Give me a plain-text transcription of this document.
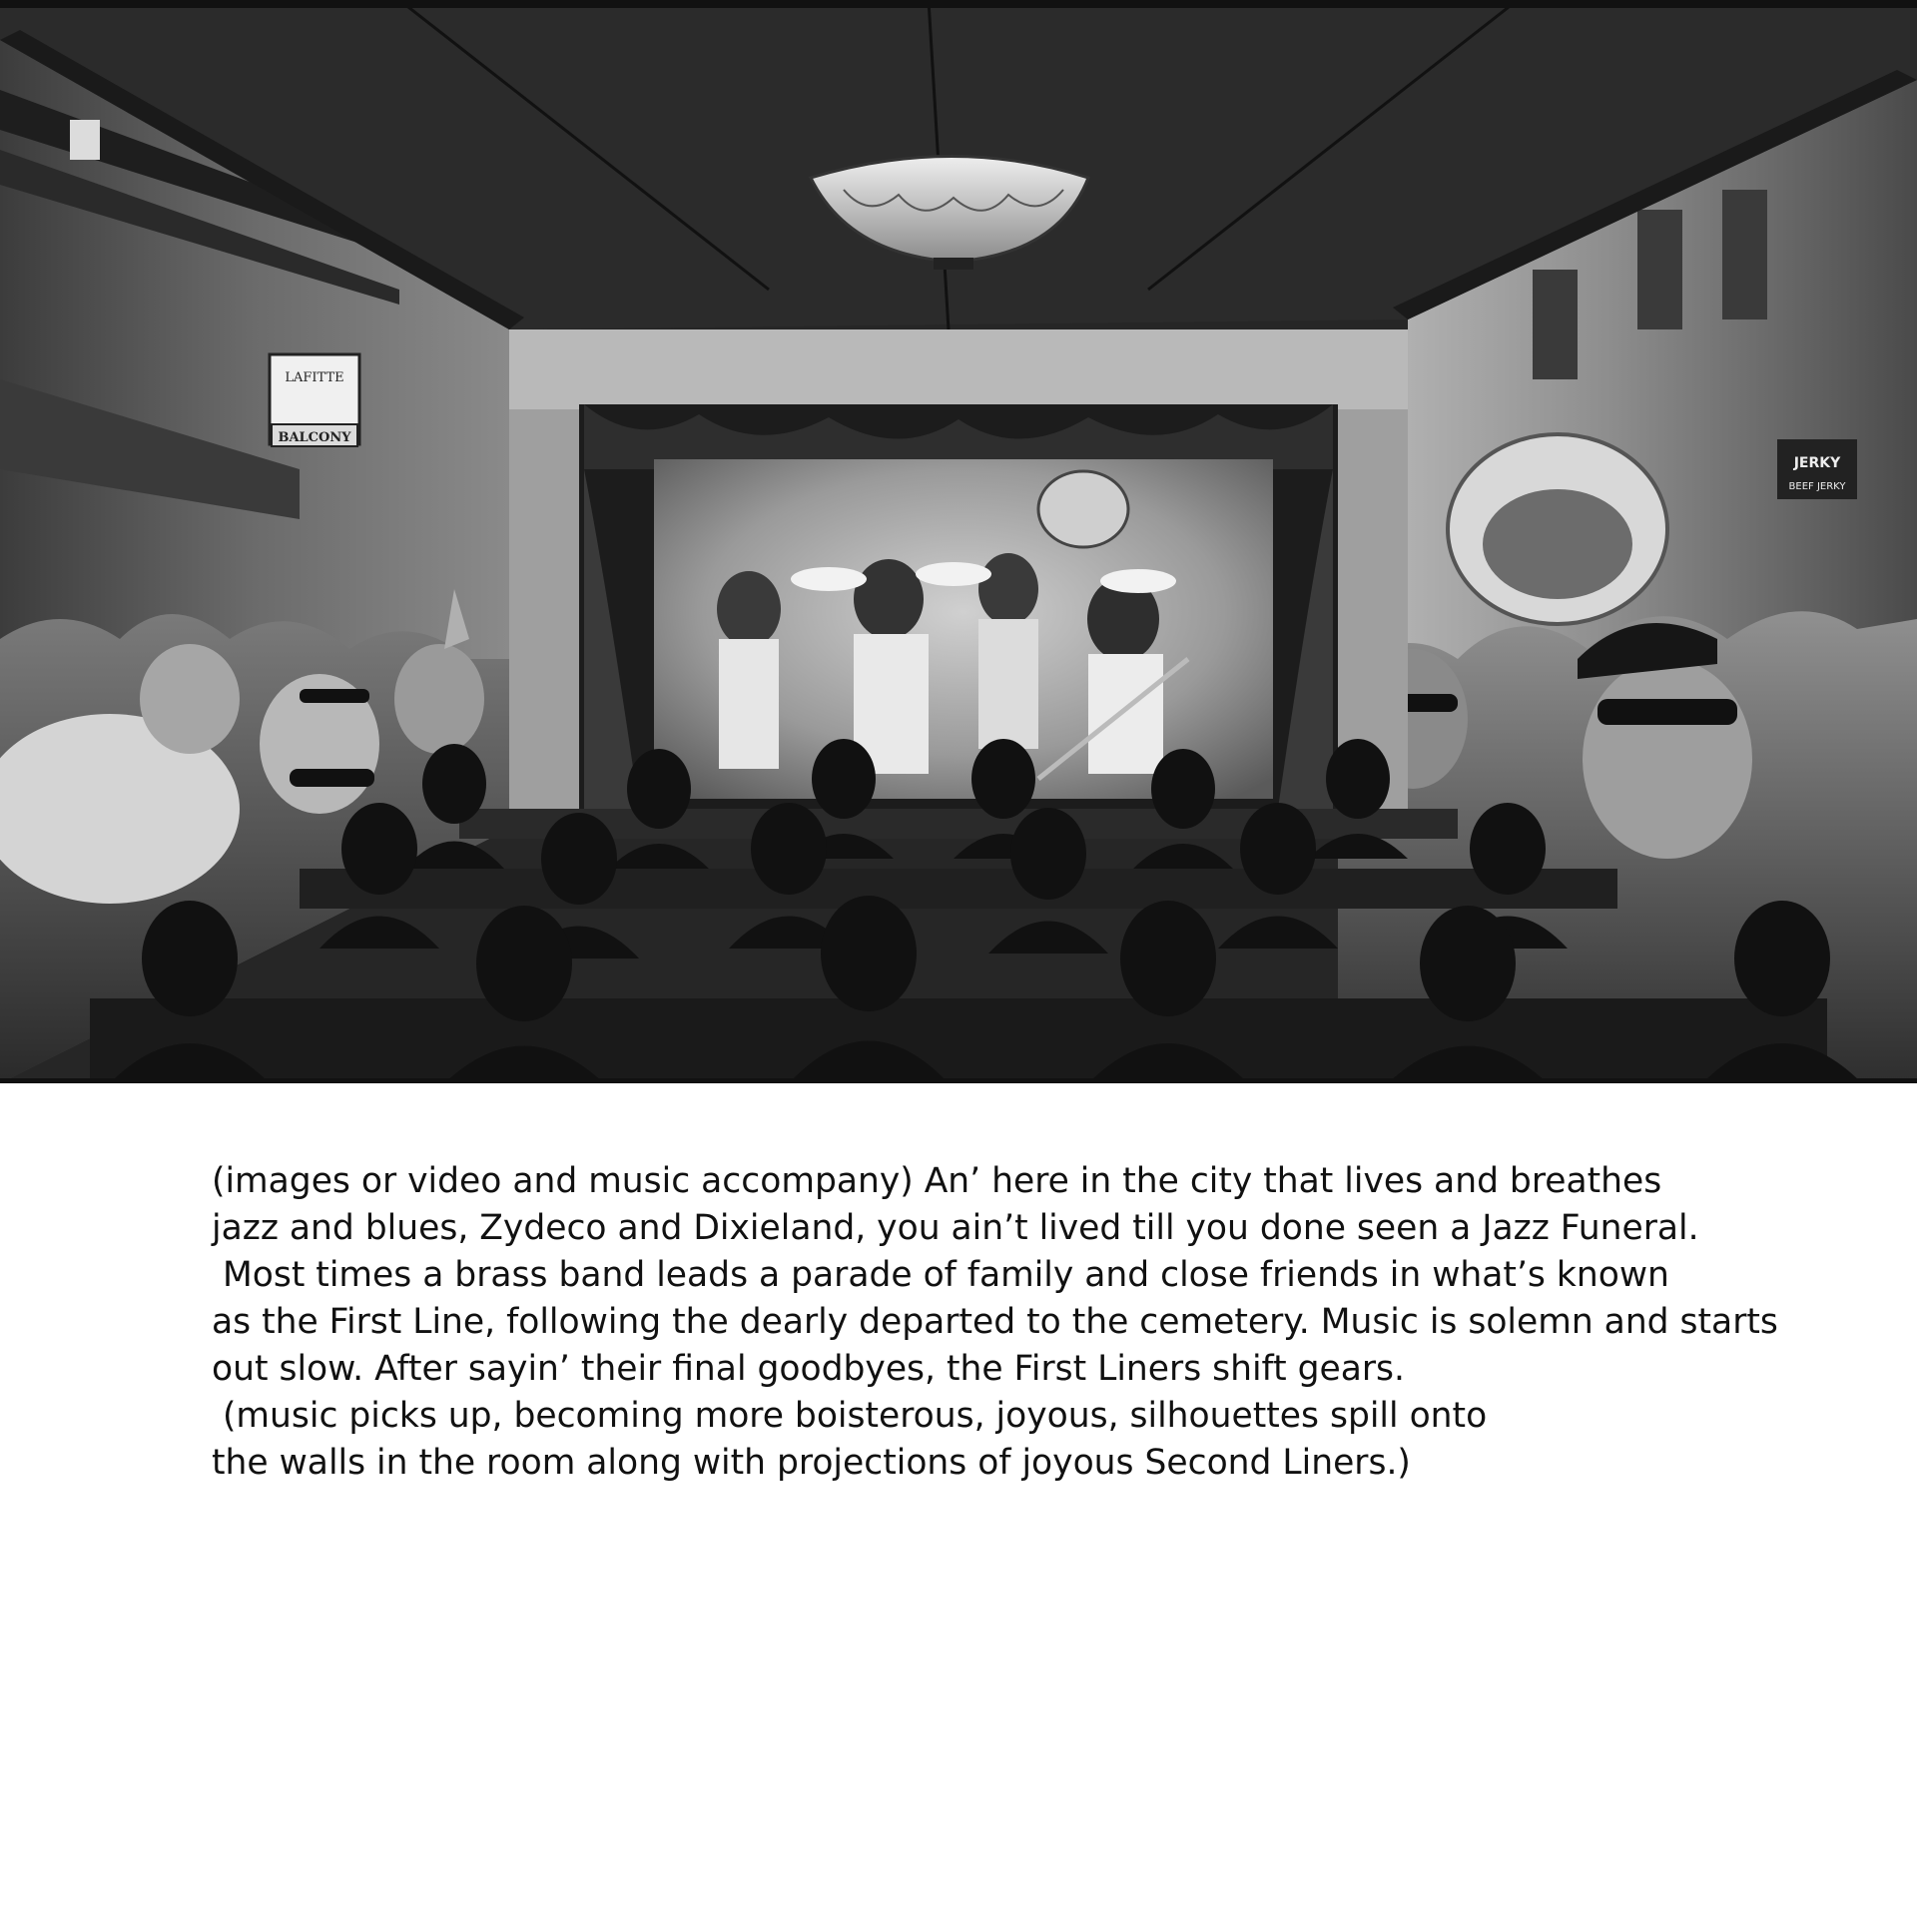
LAFITTE
BALCONY
JERKY
BEEF JERKY
(images or video and music accompany) An’ here in the city that lives and breathes
jazz and blues, Zydeco and Dixieland, you ain’t lived till you done seen a Jazz Funeral.
Most times a brass band leads a parade of family and close friends in what’s known
as the First Line, following the dearly departed to the cemetery. Music is solemn and starts
out slow. After sayin’ their final goodbyes, the First Liners shift gears.
(music picks up, becoming more boisterous, joyous, silhouettes spill onto
the walls in the room along with projections of joyous Second Liners.)
